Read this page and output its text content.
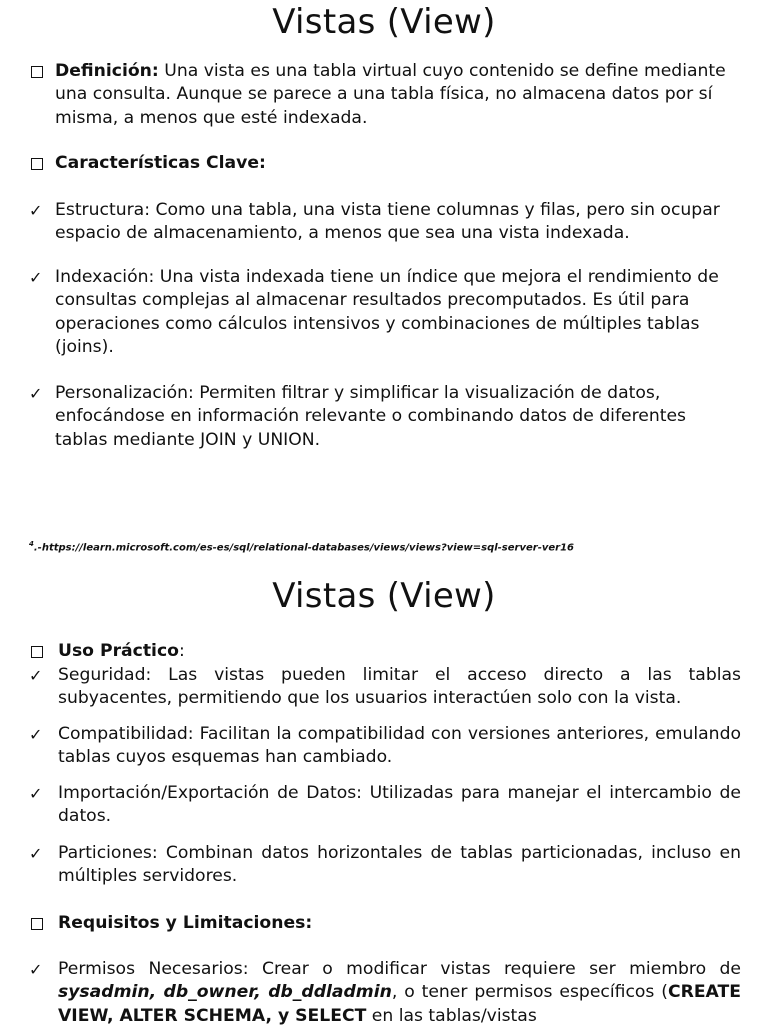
Vistas (View)
Definición: Una vista es una tabla virtual cuyo contenido se define mediante una consulta. Aunque se parece a una tabla física, no almacena datos por sí misma, a menos que esté indexada.
Características Clave:
✓ Estructura: Como una tabla, una vista tiene columnas y filas, pero sin ocupar espacio de almacenamiento, a menos que sea una vista indexada.
✓ Indexación: Una vista indexada tiene un índice que mejora el rendimiento de consultas complejas al almacenar resultados precomputados. Es útil para operaciones como cálculos intensivos y combinaciones de múltiples tablas (joins).
✓ Personalización: Permiten filtrar y simplificar la visualización de datos, enfocándose en información relevante o combinando datos de diferentes tablas mediante JOIN y UNION.
$^4$.-https://learn.microsoft.com/es-es/sql/relational-databases/views/views?view=sql-server-ver16
Vistas (View)
Uso Práctico:
✓ Seguridad: Las vistas pueden limitar el acceso directo a las tablas subyacentes, permitiendo que los usuarios interactúen solo con la vista.
✓ Compatibilidad: Facilitan la compatibilidad con versiones anteriores, emulando tablas cuyos esquemas han cambiado.
✓ Importación/Exportación de Datos: Utilizadas para manejar el intercambio de datos.
✓ Particiones: Combinan datos horizontales de tablas particionadas, incluso en múltiples servidores.
Requisitos y Limitaciones:
✓ Permisos Necesarios: Crear o modificar vistas requiere ser miembro de sysadmin, db_owner, db_ddladmin, o tener permisos específicos (CREATE VIEW, ALTER SCHEMA, y SELECT en las tablas/vistas
